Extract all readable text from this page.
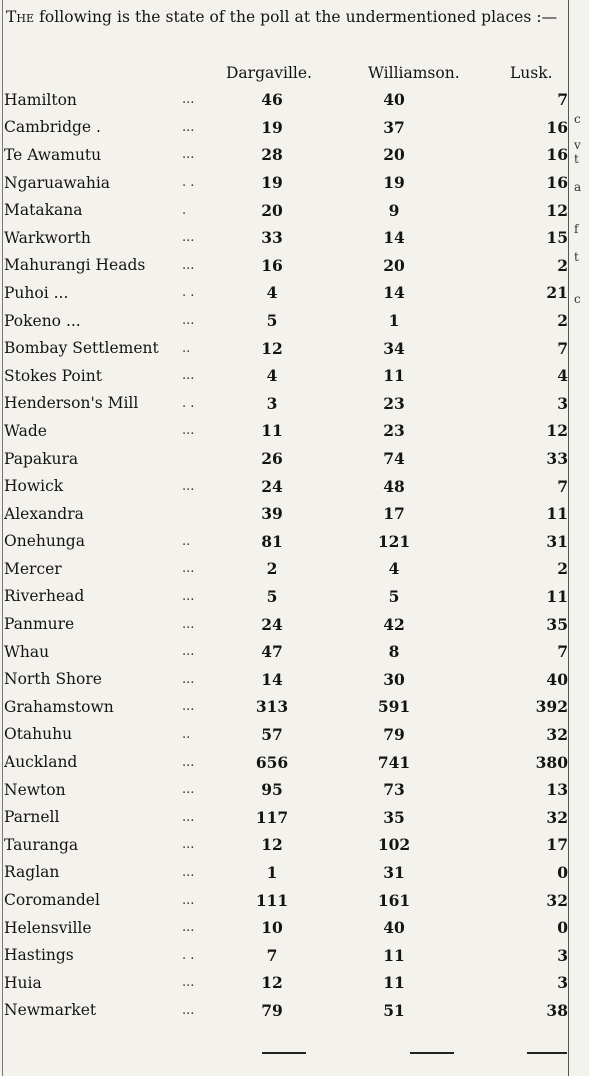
The following is the state of the poll at the undermentioned places :—
Dargaville.	Williamson.	Lusk.
Hamilton	...	46	40	7
Cambridge .	...	19	37	16
Te Awamutu	...	28	20	16
Ngaruawahia	. .	19	19	16
Matakana	.	20	9	12
Warkworth	...	33	14	15
Mahurangi Heads	...	16	20	2
Puhoi ...	. .	4	14	21
Pokeno ...	...	5	1	2
Bombay Settlement	..	12	34	7
Stokes Point	...	4	11	4
Henderson's Mill	. .	3	23	3
Wade	...	11	23	12
Papakura		26	74	33
Howick	...	24	48	7
Alexandra		39	17	11
Onehunga	..	81	121	31
Mercer	...	2	4	2
Riverhead	...	5	5	11
Panmure	...	24	42	35
Whau	...	47	8	7
North Shore	...	14	30	40
Grahamstown	...	313	591	392
Otahuhu	..	57	79	32
Auckland	...	656	741	380
Newton	...	95	73	13
Parnell	...	117	35	32
Tauranga	...	12	102	17
Raglan	...	1	31	0
Coromandel	...	111	161	32
Helensville	...	10	40	0
Hastings	. .	7	11	3
Huia	...	12	11	3
Newmarket	...	79	51	38
c
v
t
a
f
t
c
